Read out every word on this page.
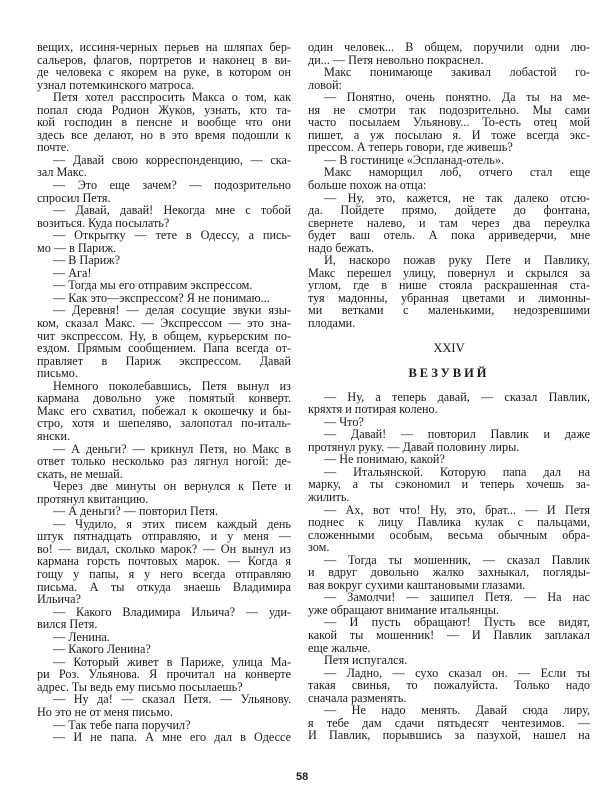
вещих, иссиня-черных перьев на шляпах бер-
сальеров, флагов, портретов и наконец в ви-
де человека с якорем на руке, в котором он
узнал потемкинского матроса.
Петя хотел расспросить Макса о том, как
попал сюда Родион Жуков, узнать, кто та-
кой господин в пенсне и вообще что они
здесь все делают, но в это время подошли к
почте.
— Давай свою корреспонденцию, — ска-
зал Макс.
— Это еще зачем? — подозрительно
спросил Петя.
— Давай, давай! Некогда мне с тобой
возиться. Куда посылать?
— Открытку — тете в Одессу, а пись-
мо — в Париж.
— В Париж?
— Ага!
— Тогда мы его отправим экспрессом.
— Как это—экспрессом? Я не понимаю...
— Деревня! — делая сосущие звуки язы-
ком, сказал Макс. — Экспрессом — это зна-
чит экспрессом. Ну, в общем, курьерским по-
ездом. Прямым сообщением. Папа всегда от-
правляет в Париж экспрессом. Давай
письмо.
Немного поколебавшись, Петя вынул из
кармана довольно уже помятый конверт.
Макс его схватил, побежал к окошечку и бы-
стро, хотя и шепеляво, залопотал по-италь-
янски.
— А деньги? — крикнул Петя, но Макс в
ответ только несколько раз лягнул ногой: де-
скать, не мешай.
Через две минуты он вернулся к Пете и
протянул квитанцию.
— А деньги? — повторил Петя.
— Чудило, я этих писем каждый день
штук пятнадцать отправляю, и у меня —
во! — видал, сколько марок? — Он вынул из
кармана горсть почтовых марок. — Когда я
гощу у папы, я у него всегда отправляю
письма. А ты откуда знаешь Владимира
Ильича?
— Какого Владимира Ильича? — уди-
вился Петя.
— Ленина.
— Какого Ленина?
— Который живет в Париже, улица Ма-
ри Роз. Ульянова. Я прочитал на конверте
адрес. Ты ведь ему письмо посылаешь?
— Ну да! — сказал Петя. — Ульянову.
Но это не от меня письмо.
— Так тебе папа поручил?
— И не папа. А мне его дал в Одессе
один человек... В общем, поручили одни лю-
ди... — Петя невольно покраснел.
Макс понимающе закивал лобастой го-
ловой:
— Понятно, очень понятно. Да ты на ме-
ня не смотри так подозрительно. Мы сами
часто посылаем Ульянову... То-есть отец мой
пишет, а уж посылаю я. И тоже всегда экс-
прессом. А теперь говори, где живешь?
— В гостинице «Эспланад-отель».
Макс наморщил лоб, отчего стал еще
больше похож на отца:
— Ну, это, кажется, не так далеко отсю-
да. Пойдете прямо, дойдете до фонтана,
свернете налево, и там через два переулка
будет ваш отель. А пока арриведерчи, мне
надо бежать.
И, наскоро пожав руку Пете и Павлику,
Макс перешел улицу, повернул и скрылся за
углом, где в нише стояла раскрашенная ста-
туя мадонны, убранная цветами и лимонны-
ми ветками с маленькими, недозревшими
плодами.
XXIV
ВЕЗУВИЙ
— Ну, а теперь давай, — сказал Павлик,
кряхтя и потирая колено.
— Что?
— Давай! — повторил Павлик и даже
протянул руку. — Давай половину лиры.
— Не понимаю, какой?
— Итальянской. Которую папа дал на
марку, а ты сэкономил и теперь хочешь за-
жилить.
— Ах, вот что! Ну, это, брат... — И Петя
поднес к лицу Павлика кулак с пальцами,
сложенными особым, весьма обычным обра-
зом.
— Тогда ты мошенник, — сказал Павлик
и вдруг довольно жалко захныкал, погляды-
вая вокруг сухими каштановыми глазами.
— Замолчи! — зашипел Петя. — На нас
уже обращают внимание итальянцы.
— И пусть обращают! Пусть все видят,
какой ты мошенник! — И Павлик заплакал
еще жальче.
Петя испугался.
— Ладно, — сухо сказал он. — Если ты
такая свинья, то пожалуйста. Только надо
сначала разменять.
— Не надо менять. Давай сюда лиру,
я тебе дам сдачи пятьдесят чентезимов. —
И Павлик, порывшись за пазухой, нашел на
58
